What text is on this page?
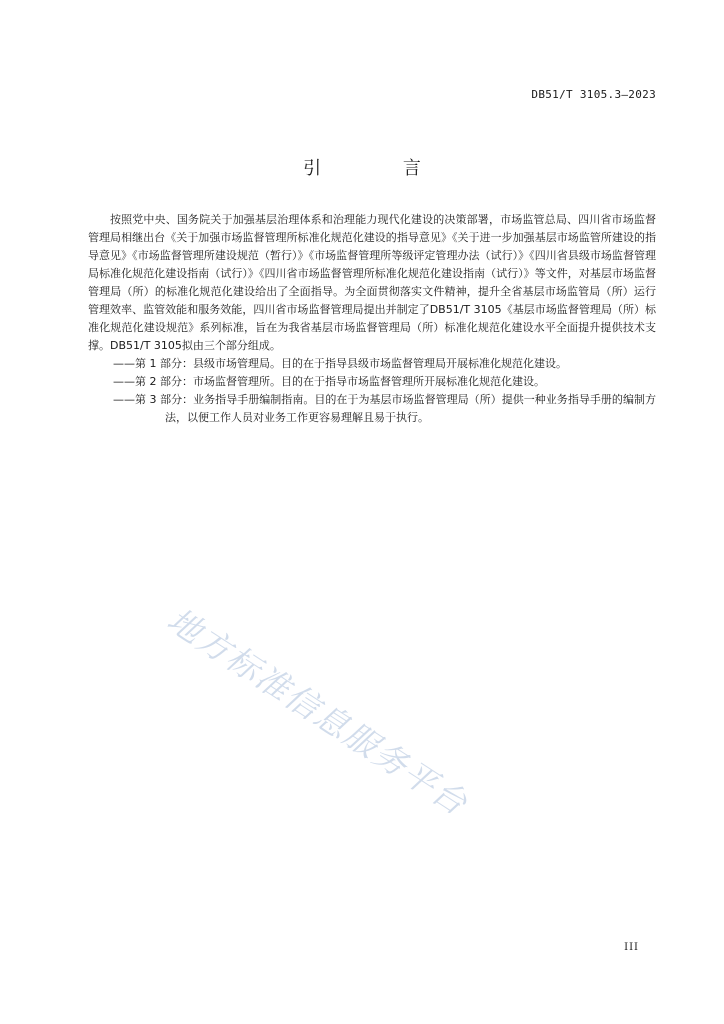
DB51/T 3105.3—2023
引 言

按照党中央、国务院关于加强基层治理体系和治理能力现代化建设的决策部署，市场监管总局、四川省市场监督管理局相继出台《关于加强市场监督管理所标准化规范化建设的指导意见》《关于进一步加强基层市场监管所建设的指导意见》《市场监督管理所建设规范（暂行）》《市场监督管理所等级评定管理办法（试行）》《四川省县级市场监督管理局标准化规范化建设指南（试行）》《四川省市场监督管理所标准化规范化建设指南（试行）》等文件，对基层市场监督管理局（所）的标准化规范化建设给出了全面指导。为全面贯彻落实文件精神，提升全省基层市场监管局（所）运行管理效率、监管效能和服务效能，四川省市场监督管理局提出并制定了DB51/T 3105《基层市场监督管理局（所）标准化规范化建设规范》系列标准，旨在为我省基层市场监督管理局（所）标准化规范化建设水平全面提升提供技术支撑。DB51/T 3105拟由三个部分组成。

——第 1 部分：县级市场管理局。目的在于指导县级市场监督管理局开展标准化规范化建设。

——第 2 部分：市场监督管理所。目的在于指导市场监督管理所开展标准化规范化建设。

——第 3 部分：业务指导手册编制指南。目的在于为基层市场监督管理局（所）提供一种业务指导手册的编制方法，以便工作人员对业务工作更容易理解且易于执行。

地方标准信息服务平台
III
